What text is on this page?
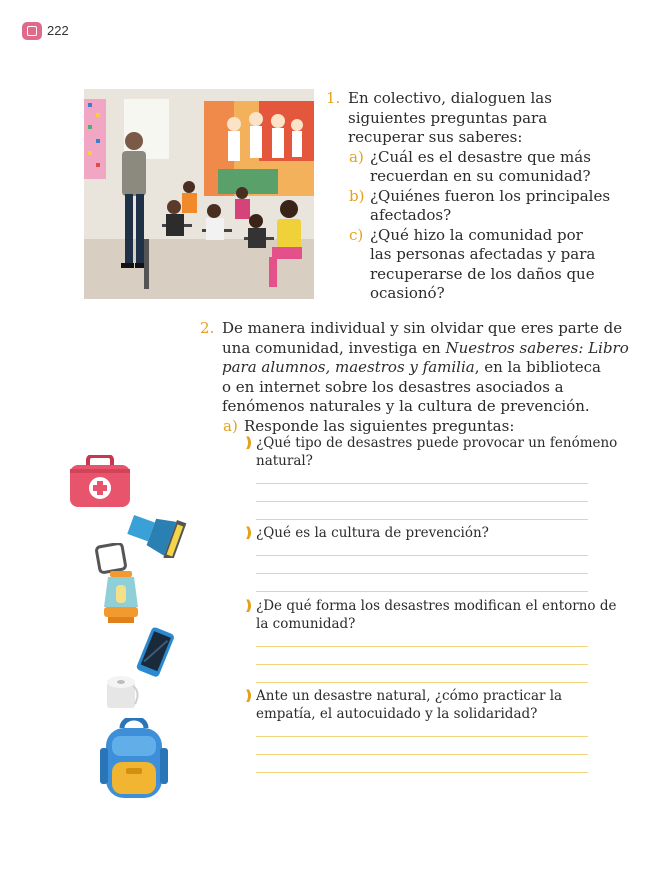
222
1. En colectivo, dialoguen las
siguientes preguntas para
recuperar sus saberes:
a) ¿Cuál es el desastre que más
recuerdan en su comunidad?
b) ¿Quiénes fueron los principales
afectados?
c) ¿Qué hizo la comunidad por
las personas afectadas y para
recuperarse de los daños que
ocasionó?
2. De manera individual y sin olvidar que eres parte de
una comunidad, investiga en Nuestros saberes: Libro
para alumnos, maestros y familia, en la biblioteca
o en internet sobre los desastres asociados a
fenómenos naturales y la cultura de prevención.
a) Responde las siguientes preguntas:
❫ ¿Qué tipo de desastres puede provocar un fenómeno
natural?
❫ ¿Qué es la cultura de prevención?
❫ ¿De qué forma los desastres modifican el entorno de
la comunidad?
❫ Ante un desastre natural, ¿cómo practicar la
empatía, el autocuidado y la solidaridad?
